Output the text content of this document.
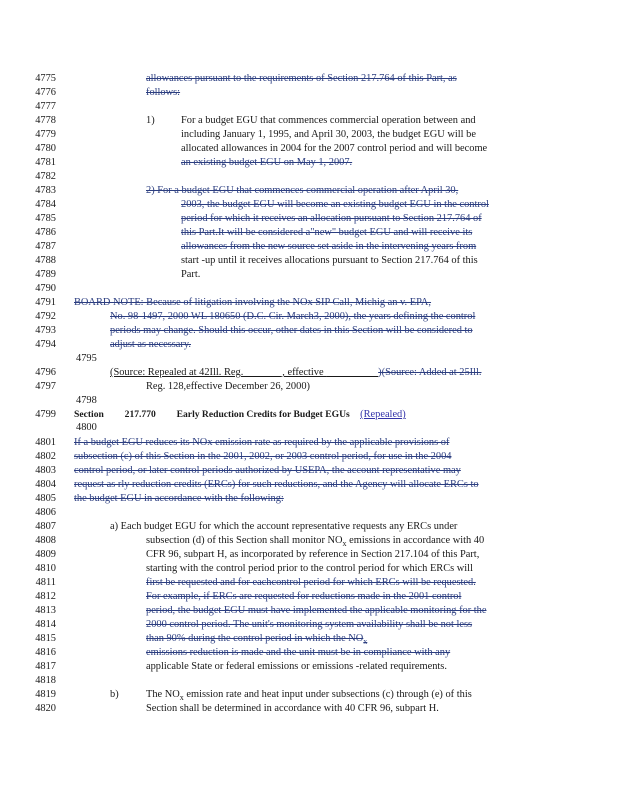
4775
4776
4777
4778
4779
4780
4781
4782
4783
4784
4785
4786
4787
4788
4789
4790
4791
4792
4793
4794
4796
4797
4799
4801
4802
4803
4804
4805
4806
4807
4808
4809
4810
4811
4812
4813
4814
4815
4816
4817
4818
4819
4820
4795
4798
4800
allowances pursuant to the requirements of Section 217.764 of this Part, as
follows:
1)	For a budget EGU that commences commercial operation between and
including January 1, 1995, and April 30, 2003, the budget EGU will be
allocated allowances in 2004 for the 2007 control period and will become
an existing budget EGU on May 1, 2007.
2) For a budget EGU that commences commercial operation after April 30,
2003, the budget EGU will become an existing budget EGU in the control
period for which it receives an allocation pursuant to Section 217.764 of
this Part.It will be considered a"new" budget EGU and will receive its
allowances from the new source set aside in the intervening years from
start -up until it receives allocations pursuant to Section 217.764 of this
Part.
BOARD NOTE: Because of litigation involving the NOx SIP Call, Michig an v. EPA,
No. 98-1497, 2000 WL 180650 (D.C. Cir. March3, 2000), the years defining the control
periods may change. Should this occur, other dates in this Section will be considered to
adjust as necessary.
(Source: Repealed at 42Ill. Reg. _______, effective __________)(Source: Added at 25Ill.
Reg. 128,effective December 26, 2000)
Section 217.770 Early Reduction Credits for Budget EGUs (Repealed)
If a budget EGU reduces its NOx emission rate as required by the applicable provisions of
subsection (c) of this Section in the 2001, 2002, or 2003 control period, for use in the 2004
control period, or later control periods authorized by USEPA, the account representative may
request as rly reduction credits (ERCs) for such reductions, and the Agency will allocate ERCs to
the budget EGU in accordance with the following:
a) Each budget EGU for which the account representative requests any ERCs under
subsection (d) of this Section shall monitor $NO_x$ emissions in accordance with 40
CFR 96, subpart H, as incorporated by reference in Section 217.104 of this Part,
starting with the control period prior to the control period for which ERCs will
first be requested and for eachcontrol period for which ERCs will be requested.
For example, if ERCs are requested for reductions made in the 2001 control
period, the budget EGU must have implemented the applicable monitoring for the
2000 control period. The unit's monitoring system availability shall be not less
than 90% during the control period in which the $NO_x$
emissions reduction is made and the unit must be in compliance with any
applicable State or federal emissions or emissions -related requirements.
b)	The $NO_x$ emission rate and heat input under subsections (c) through (e) of this
Section shall be determined in accordance with 40 CFR 96, subpart H.
